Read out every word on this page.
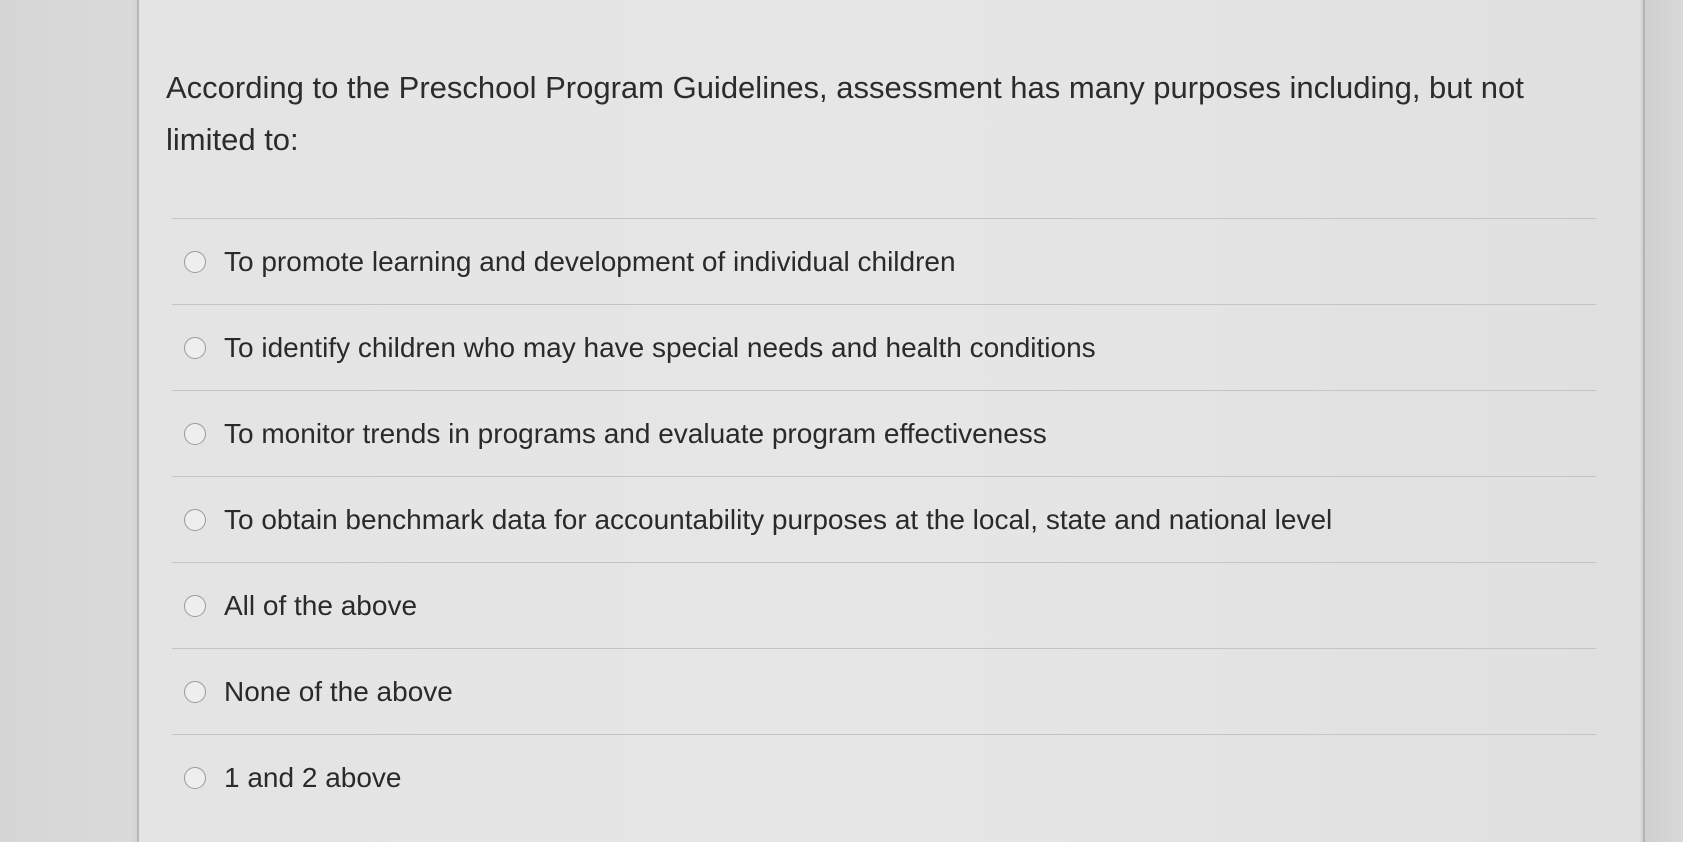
According to the Preschool Program Guidelines, assessment has many purposes including, but not limited to:
To promote learning and development of individual children
To identify children who may have special needs and health conditions
To monitor trends in programs and evaluate program effectiveness
To obtain benchmark data for accountability purposes at the local, state and national level
All of the above
None of the above
1 and 2 above
